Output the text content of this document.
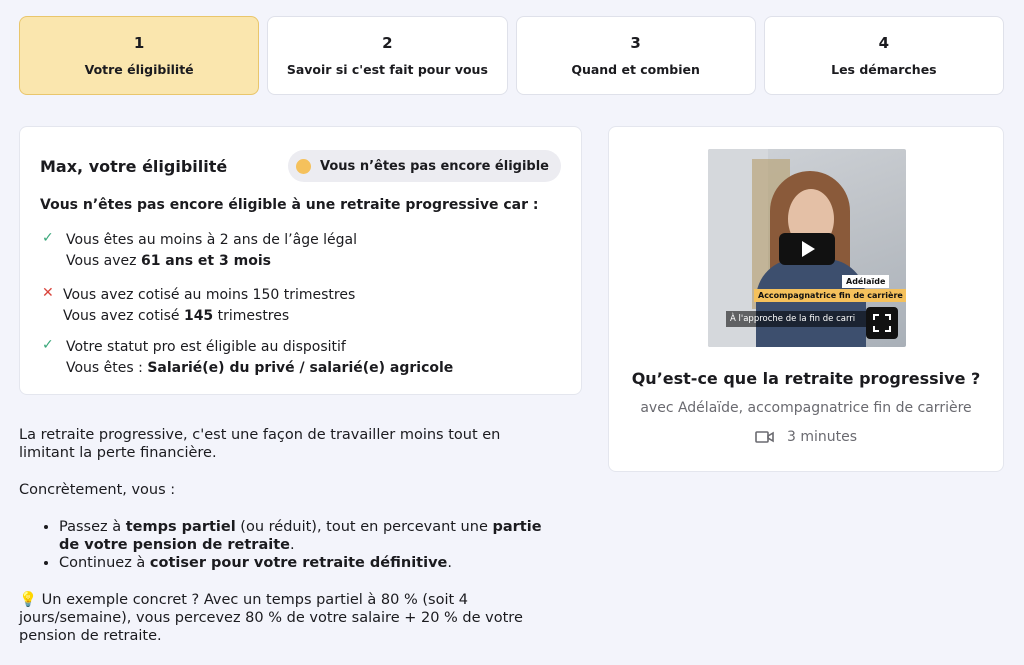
1
Votre éligibilité
2
Savoir si c'est fait pour vous
3
Quand et combien
4
Les démarches
Max, votre éligibilité	Vous n’êtes pas encore éligible
Vous n’êtes pas encore éligible à une retraite progressive car :
✓ Vous êtes au moins à 2 ans de l’âge légal
Vous avez 61 ans et 3 mois
✕ Vous avez cotisé au moins 150 trimestres
Vous avez cotisé 145 trimestres
✓ Votre statut pro est éligible au dispositif
Vous êtes : Salarié(e) du privé / salarié(e) agricole

La retraite progressive, c'est une façon de travailler moins tout en limitant la perte financière.

Concrètement, vous :

• Passez à temps partiel (ou réduit), tout en percevant une partie de votre pension de retraite.
• Continuez à cotiser pour votre retraite définitive.

💡 Un exemple concret ? Avec un temps partiel à 80 % (soit 4 jours/semaine), vous percevez 80 % de votre salaire + 20 % de votre pension de retraite.

Adélaïde
Accompagnatrice fin de carrière
À l'approche de la fin de carri
Qu’est-ce que la retraite progressive ?
avec Adélaïde, accompagnatrice fin de carrière
3 minutes
